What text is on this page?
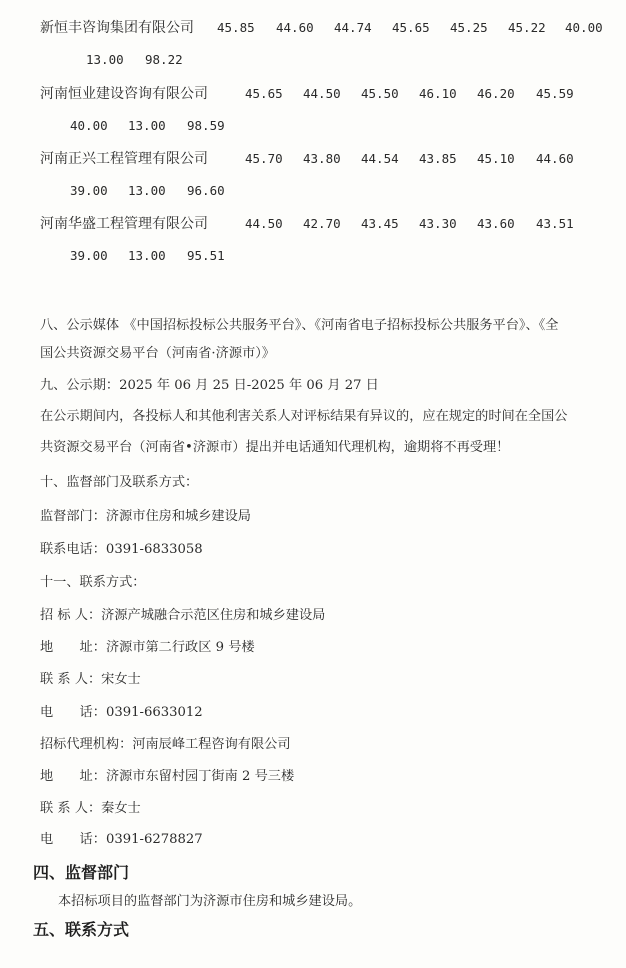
新恒丰咨询集团有限公司 45.85 44.60 44.74 45.65 45.25 45.22 40.00
13.00 98.22
河南恒业建设咨询有限公司	45.65 44.50 45.50 46.10 46.20 45.59
40.00 13.00 98.59
河南正兴工程管理有限公司	45.70 43.80 44.54 43.85 45.10 44.60
39.00 13.00 96.60
河南华盛工程管理有限公司	44.50 42.70 43.45 43.30 43.60 43.51
39.00 13.00 95.51
八、公示媒体 《中国招标投标公共服务平台》、《河南省电子招标投标公共服务平台》、《全
国公共资源交易平台（河南省·济源市）》
九、公示期：2025 年 06 月 25 日-2025 年 06 月 27 日
在公示期间内，各投标人和其他利害关系人对评标结果有异议的，应在规定的时间在全国公
共资源交易平台（河南省•济源市）提出并电话通知代理机构，逾期将不再受理！
十、监督部门及联系方式：
监督部门：济源市住房和城乡建设局
联系电话：0391-6833058
十一、联系方式：
招 标 人：济源产城融合示范区住房和城乡建设局
地　　址：济源市第二行政区 9 号楼
联 系 人：宋女士
电　　话：0391-6633012
招标代理机构：河南辰峰工程咨询有限公司
地　　址：济源市东留村园丁街南 2 号三楼
联 系 人：秦女士
电　　话：0391-6278827
四、监督部门
本招标项目的监督部门为济源市住房和城乡建设局。
五、联系方式
